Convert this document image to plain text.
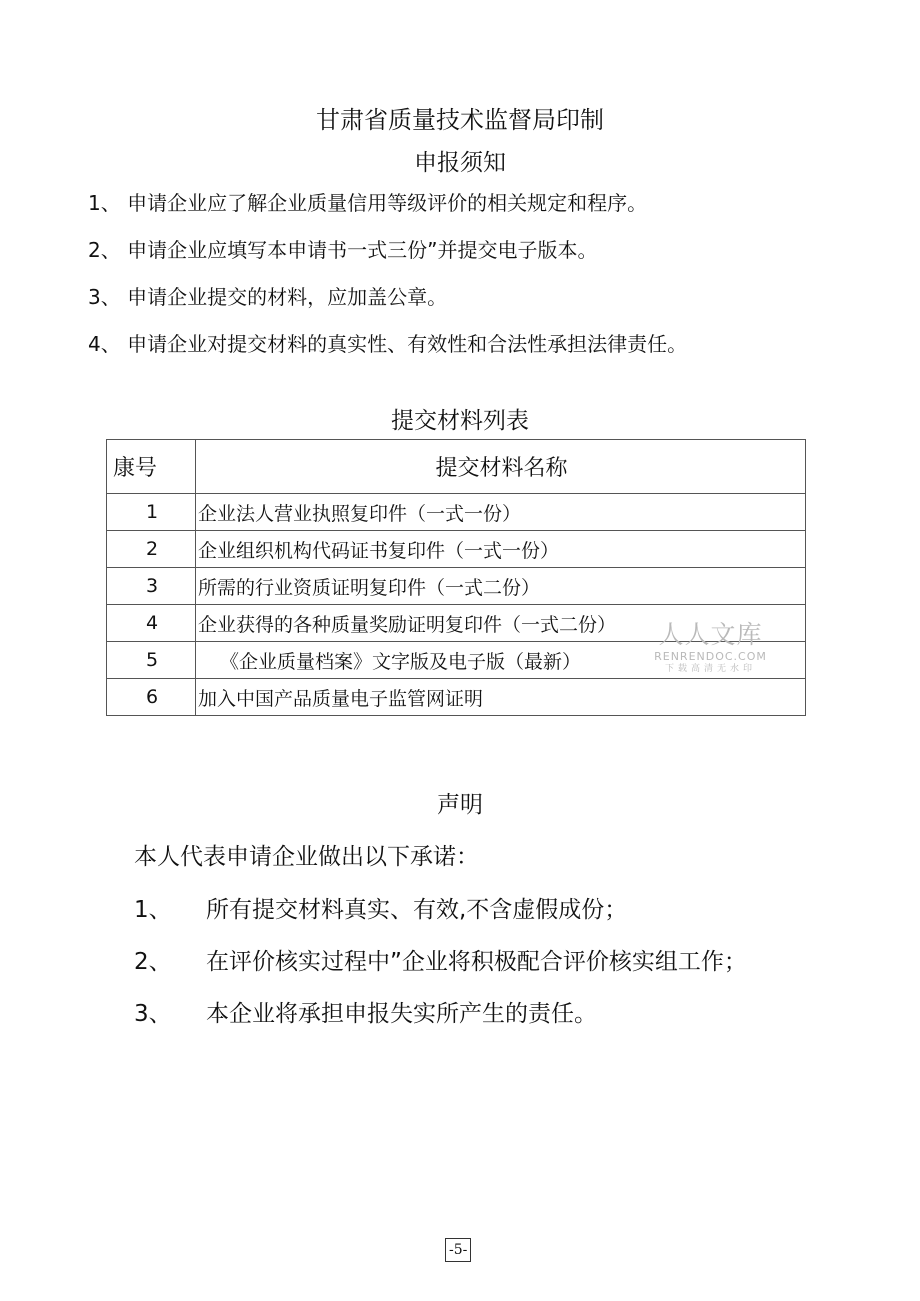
甘肃省质量技术监督局印制
申报须知
1、 申请企业应了解企业质量信用等级评价的相关规定和程序。
2、 申请企业应填写本申请书一式三份”并提交电子版本。
3、 申请企业提交的材料，应加盖公章。
4、 申请企业对提交材料的真实性、有效性和合法性承担法律责任。
提交材料列表
康号	提交材料名称
1	企业法人营业执照复印件（一式一份）
2	企业组织机构代码证书复印件（一式一份）
3	所需的行业资质证明复印件（一式二份）
4	企业获得的各种质量奖励证明复印件（一式二份）
5	《企业质量档案》文字版及电子版（最新）
6	加入中国产品质量电子监管网证明
人人文库
RENRENDOC.COM
下载高清无水印
声明
本人代表申请企业做出以下承诺：
1、 所有提交材料真实、有效,不含虚假成份；
2、 在评价核实过程中”企业将积极配合评价核实组工作；
3、 本企业将承担申报失实所产生的责任。
-5-
